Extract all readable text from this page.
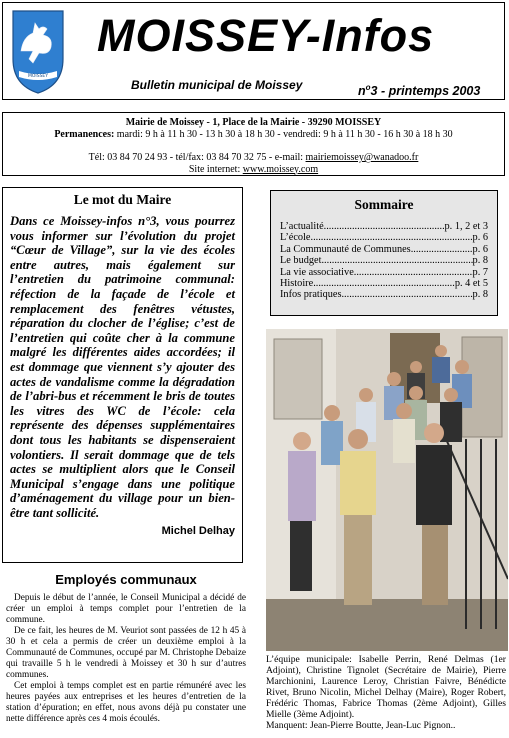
MOISSEY
MOISSEY-Infos
Bulletin municipal de Moissey	$n^o3$ - printemps 2003
Mairie de Moissey - 1, Place de la Mairie - 39290 MOISSEY
Permanences: mardi: 9 h à 11 h 30 - 13 h 30 à 18 h 30 - vendredi: 9 h à 11 h 30 - 16 h 30 à 18 h 30
Tél: 03 84 70 24 93 - tél/fax: 03 84 70 32 75 - e-mail: mairiemoissey@wanadoo.fr
Site internet: www.moissey.com
Le mot du Maire

Dans ce Moissey-infos n°3, vous pourrez vous informer sur l’évolution du projet “Cœur de Village”, sur la vie des écoles entre autres, mais également sur l’entretien du patrimoine communal: réfection de la façade de l’école et remplacement des fenêtres vétustes, réparation du clocher de l’église; c’est de l’entretien qui coûte cher à la commune malgré les différentes aides accordées; il est dommage que viennent s’y ajouter des actes de vandalisme comme la dégradation de l’abri-bus et récemment le bris de toutes les vitres des WC de l’école: cela représente des dépenses supplémentaires dont tous les habitants se dispenseraient volontiers. Il serait dommage que de tels actes se multiplient alors que le Conseil Municipal s’engage dans une politique d’aménagement du village pour un bien-être tant sollicité.

Michel Delhay
Sommaire
L’actualité .....	p. 1, 2 et 3
L’école .....	p. 6
La Communauté de Communes .....	p. 6
Le budget .....	p. 8
La vie associative .....	p. 7
Histoire .....	p. 4 et 5
Infos pratiques .....	p. 8
L’équipe municipale: Isabelle Perrin, René Delmas (1er Adjoint), Christine Tignolet (Secrétaire de Mairie), Pierre Marchionini, Laurence Leroy, Christian Faivre, Bénédicte Rivet, Bruno Nicolin, Michel Delhay (Maire), Roger Robert, Frédéric Thomas, Fabrice Thomas (2ème Adjoint), Gilles Mielle (3ème Adjoint).
Manquent: Jean-Pierre Boutte, Jean-Luc Pignon..
Employés communaux

Depuis le début de l’année, le Conseil Municipal a décidé de créer un emploi à temps complet pour l’entretien de la commune.

De ce fait, les heures de M. Veuriot sont passées de 12 h 45 à 30 h et cela a permis de créer un deuxième emploi à la Communauté de Communes, occupé par M. Christophe Debaize qui travaille 5 h le vendredi à Moissey et 30 h sur d’autres communes.

Cet emploi à temps complet est en partie rémunéré avec les heures payées aux entreprises et les heures d’entretien de la station d’épuration; en effet, nous avons déjà pu constater une nette différence après ces 4 mois écoulés.
